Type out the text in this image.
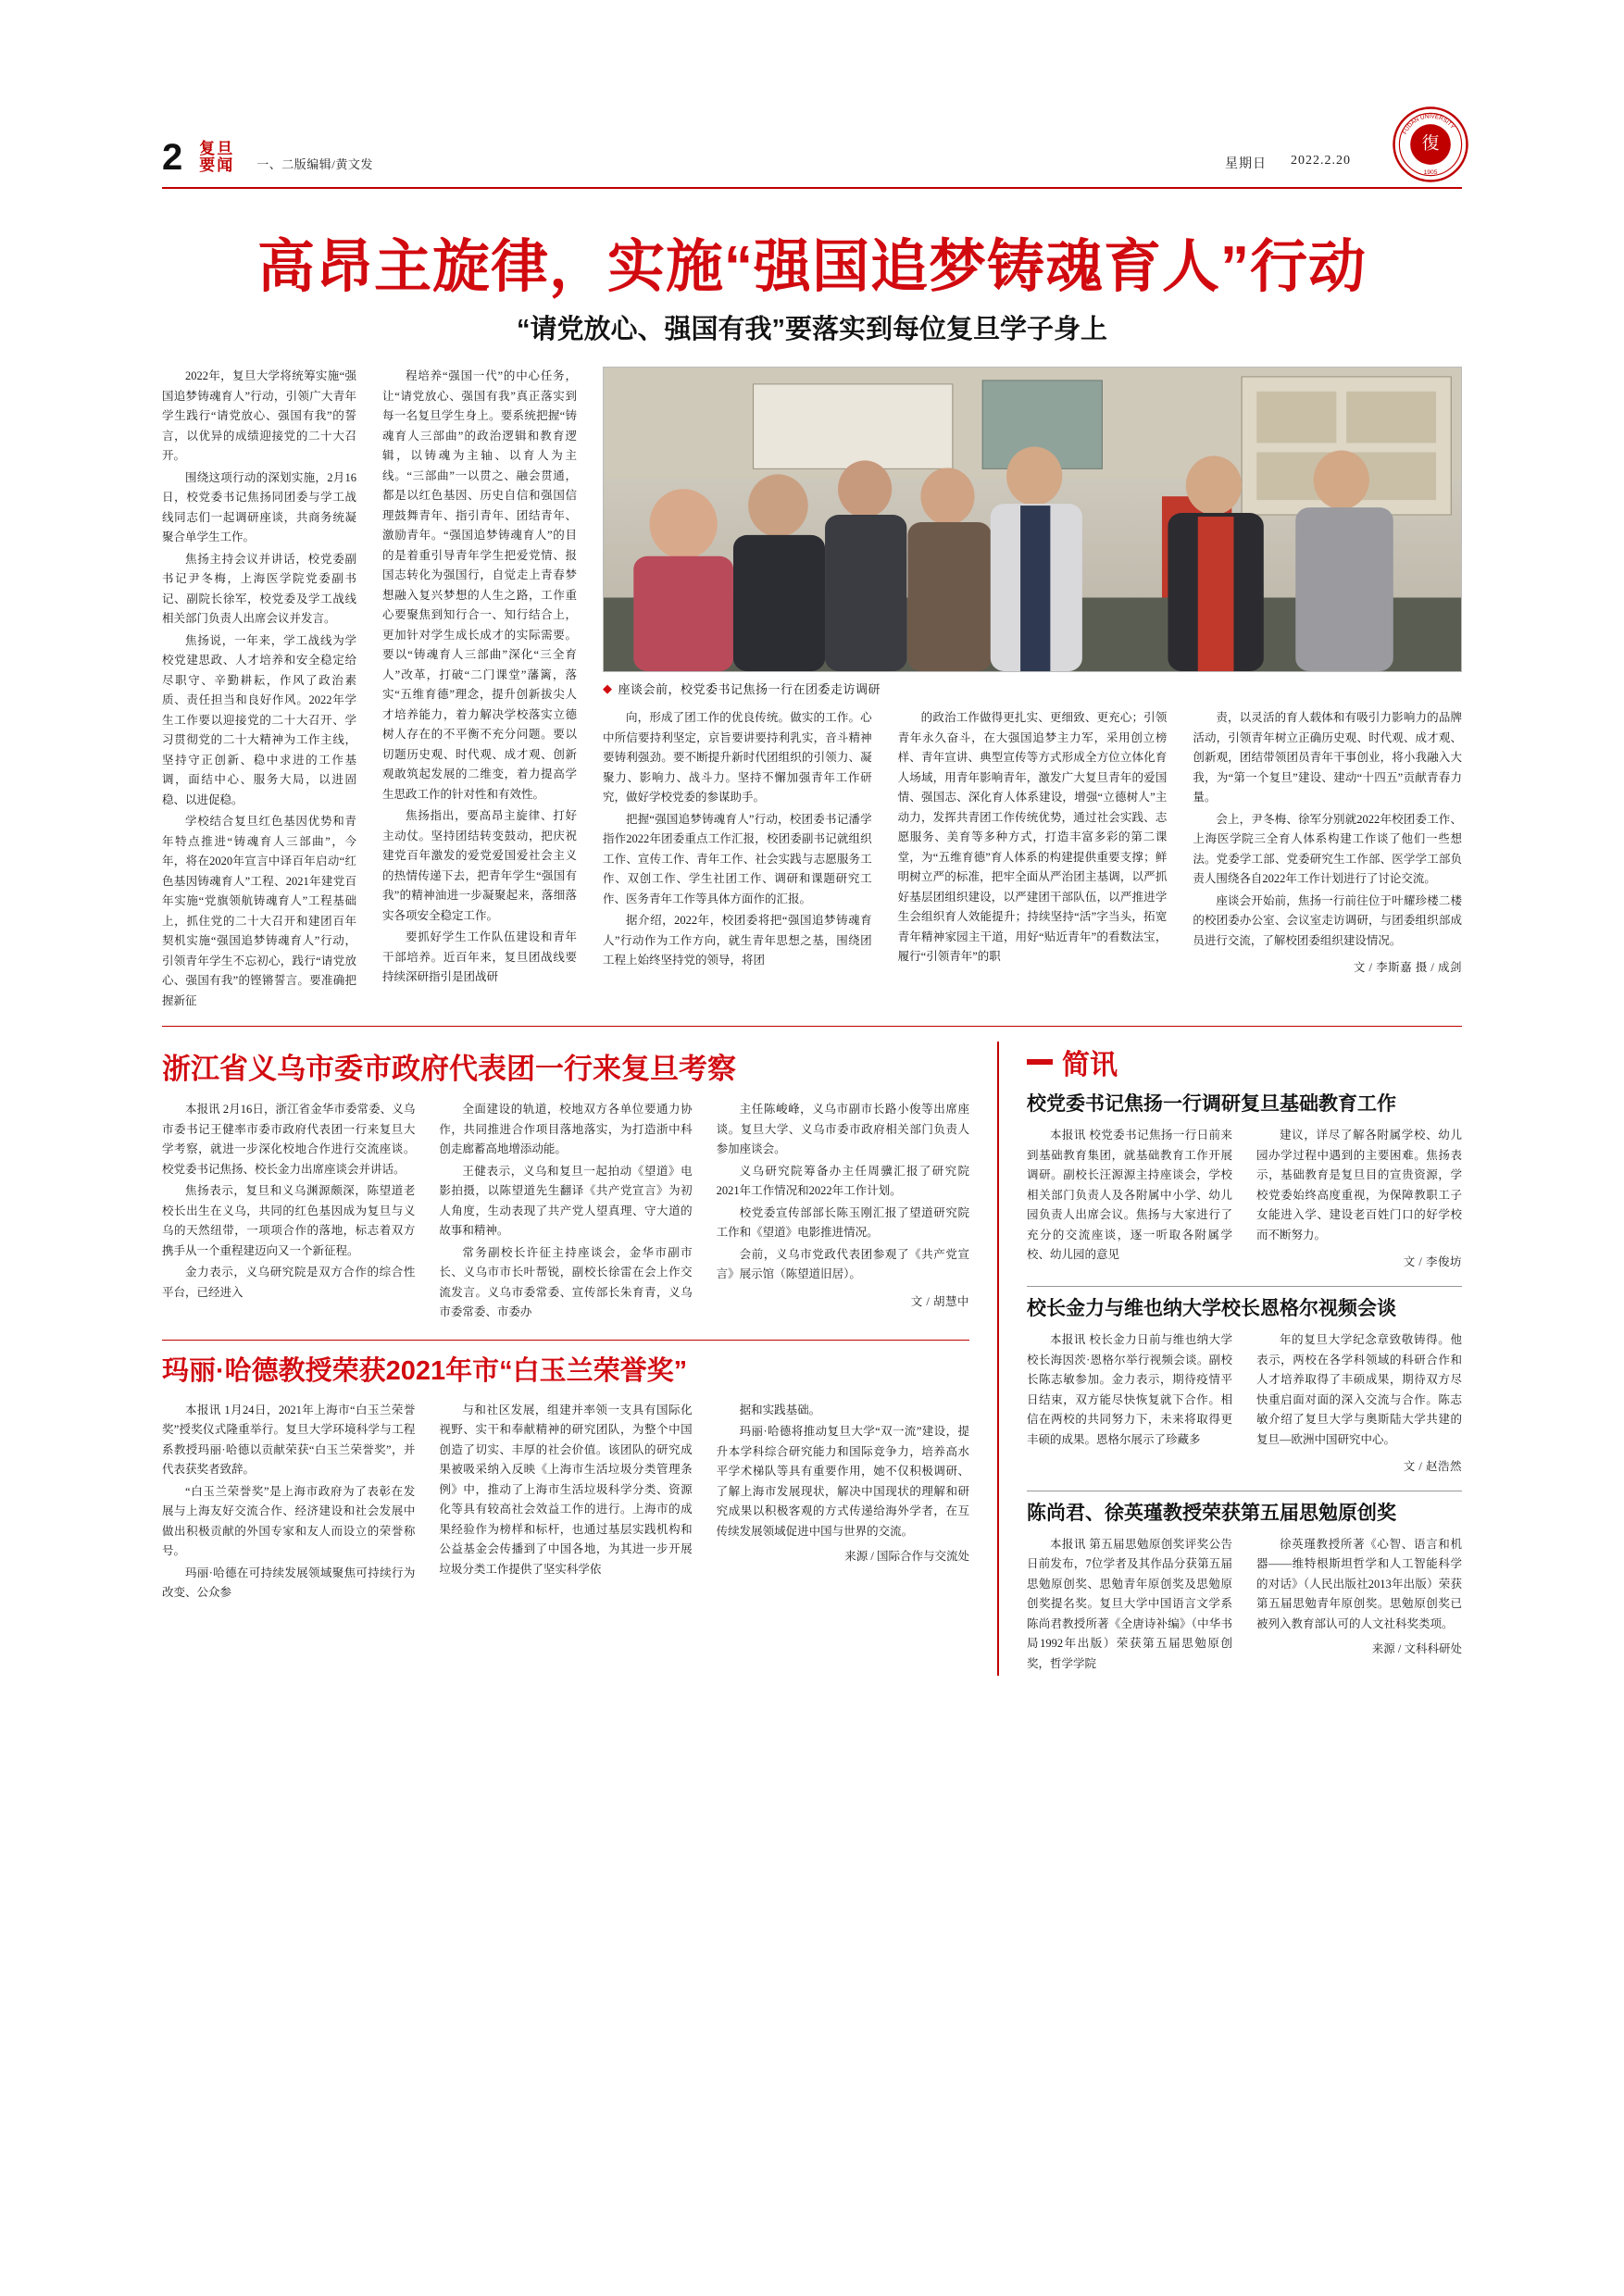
2 复旦
要闻	一、二版编辑/黄文发	星期日 2022.2.20
復
FUDAN UNIVERSITY
1905
高昂主旋律，实施“强国追梦铸魂育人”行动
“请党放心、强国有我”要落实到每位复旦学子身上

2022年，复旦大学将统筹实施“强国追梦铸魂育人”行动，引领广大青年学生践行“请党放心、强国有我”的誓言，以优异的成绩迎接党的二十大召开。

围绕这项行动的深划实施，2月16日，校党委书记焦扬同团委与学工战线同志们一起调研座谈，共商务统凝聚合单学生工作。

焦扬主持会议并讲话，校党委副书记尹冬梅，上海医学院党委副书记、副院长徐军，校党委及学工战线相关部门负责人出席会议并发言。

焦扬说，一年来，学工战线为学校党建思政、人才培养和安全稳定给尽职守、辛勤耕耘，作风了政治素质、责任担当和良好作风。2022年学生工作要以迎接党的二十大召开、学习贯彻党的二十大精神为工作主线，坚持守正创新、稳中求进的工作基调，面结中心、服务大局，以进固稳、以进促稳。

学校结合复旦红色基因优势和青年特点推进“铸魂育人三部曲”，今年，将在2020年宣言中译百年启动“红色基因铸魂育人”工程、2021年建党百年实施“党旗领航铸魂育人”工程基础上，抓住党的二十大召开和建团百年契机实施“强国追梦铸魂育人”行动，引领青年学生不忘初心，践行“请党放心、强国有我”的铿锵誓言。要准确把握新征

程培养“强国一代”的中心任务，让“请党放心、强国有我”真正落实到每一名复旦学生身上。要系统把握“铸魂育人三部曲”的政治逻辑和教育逻辑，以铸魂为主轴、以育人为主线。“三部曲”一以贯之、融会贯通，都是以红色基因、历史自信和强国信理鼓舞青年、指引青年、团结青年、激励青年。“强国追梦铸魂育人”的目的是着重引导青年学生把爱党情、报国志转化为强国行，自觉走上青春梦想融入复兴梦想的人生之路，工作重心要聚焦到知行合一、知行结合上，更加针对学生成长成才的实际需要。要以“铸魂育人三部曲”深化“三全育人”改革，打破“二门课堂”藩篱，落实“五维育德”理念，提升创新拔尖人才培养能力，着力解决学校落实立德树人存在的不平衡不充分问题。要以切题历史观、时代观、成才观、创新观敢筑起发展的二维变，着力提高学生思政工作的针对性和有效性。

焦扬指出，要高昂主旋律、打好主动仗。坚持团结转变鼓动，把庆祝建党百年激发的爱党爱国爱社会主义的热情传递下去，把青年学生“强国有我”的精神油进一步凝聚起来，落细落实各项安全稳定工作。

要抓好学生工作队伍建设和青年干部培养。近百年来，复旦团战线要持续深研指引是团战研

◆ 座谈会前，校党委书记焦扬一行在团委走访调研

向，形成了团工作的优良传统。做实的工作。心中所信要持利坚定，京旨要讲要持利乳实，音斗精神要铸利强劲。要不断提升新时代团组织的引领力、凝聚力、影响力、战斗力。坚持不懈加强青年工作研究，做好学校党委的参谋助手。

把握“强国追梦铸魂育人”行动，校团委书记潘学指作2022年团委重点工作汇报，校团委副书记就组织工作、宣传工作、青年工作、社会实践与志愿服务工作、双创工作、学生社团工作、调研和课题研究工作、医务青年工作等具体方面作的汇报。

据介绍，2022年，校团委将把“强国追梦铸魂育人”行动作为工作方向，就生青年思想之基，围绕团工程上始终坚持党的领导，将团

的政治工作做得更扎实、更细致、更充心；引领青年永久奋斗，在大强国追梦主力军，采用创立榜样、青年宣讲、典型宣传等方式形成全方位立体化育人场域，用青年影响青年，激发广大复旦青年的爱国情、强国志、深化育人体系建设，增强“立德树人”主动力，发挥共青团工作传统优势，通过社会实践、志愿服务、美育等多种方式，打造丰富多彩的第二课堂，为“五维育德”育人体系的构建提供重要支撑；鲜明树立严的标准，把牢全面从严治团主基调，以严抓好基层团组织建设，以严建团干部队伍，以严推进学生会组织育人效能提升；持续坚持“活”字当头，拓宽青年精神家园主干道，用好“贴近青年”的看数法宝，履行“引领青年”的职

责，以灵活的育人载体和有吸引力影响力的品牌活动，引领青年树立正确历史观、时代观、成才观、创新观，团结带领团员青年干事创业，将小我融入大我，为“第一个复旦”建设、建动“十四五”贡献青春力量。

会上，尹冬梅、徐军分别就2022年校团委工作、上海医学院三全育人体系构建工作谈了他们一些想法。党委学工部、党委研究生工作部、医学学工部负责人围绕各自2022年工作计划进行了讨论交流。

座谈会开始前，焦扬一行前往位于叶耀珍楼二楼的校团委办公室、会议室走访调研，与团委组织部成员进行交流，了解校团委组织建设情况。

文 / 李斯嘉 摄 / 成剑
浙江省义乌市委市政府代表团一行来复旦考察

本报讯 2月16日，浙江省金华市委常委、义乌市委书记王健率市委市政府代表团一行来复旦大学考察，就进一步深化校地合作进行交流座谈。校党委书记焦扬、校长金力出席座谈会并讲话。

焦扬表示，复旦和义乌渊源颇深，陈望道老校长出生在义乌，共同的红色基因成为复旦与义乌的天然纽带，一项项合作的落地，标志着双方携手从一个重程建迈向又一个新征程。

金力表示，义乌研究院是双方合作的综合性平台，已经进入

全面建设的轨道，校地双方各单位要通力协作，共同推进合作项目落地落实，为打造浙中科创走廊蓄高地增添动能。

王健表示，义乌和复旦一起拍动《望道》电影拍摄，以陈望道先生翻译《共产党宣言》为初人角度，生动表现了共产党人望真理、守大道的故事和精神。

常务副校长许征主持座谈会，金华市副市长、义乌市市长叶帮锐，副校长徐雷在会上作交流发言。义乌市委常委、宣传部长朱育青，义乌市委常委、市委办

主任陈峻峰，义乌市副市长路小俊等出席座谈。复旦大学、义乌市委市政府相关部门负责人参加座谈会。

义乌研究院筹备办主任周骥汇报了研究院2021年工作情况和2022年工作计划。

校党委宣传部部长陈玉刚汇报了望道研究院工作和《望道》电影推进情况。

会前，义乌市党政代表团参观了《共产党宣言》展示馆（陈望道旧居）。

文 / 胡慧中
玛丽·哈德教授荣获2021年市“白玉兰荣誉奖”

本报讯 1月24日，2021年上海市“白玉兰荣誉奖”授奖仪式隆重举行。复旦大学环境科学与工程系教授玛丽·哈德以贡献荣获“白玉兰荣誉奖”，并代表获奖者致辞。

“白玉兰荣誉奖”是上海市政府为了表彰在发展与上海友好交流合作、经济建设和社会发展中做出积极贡献的外国专家和友人而设立的荣誉称号。

玛丽·哈德在可持续发展领域聚焦可持续行为改变、公众参

与和社区发展，组建并率领一支具有国际化视野、实干和奉献精神的研究团队，为整个中国创造了切实、丰厚的社会价值。该团队的研究成果被吸采纳入反映《上海市生活垃圾分类管理条例》中，推动了上海市生活垃圾科学分类、资源化等具有较高社会效益工作的进行。上海市的成果经验作为榜样和标杆，也通过基层实践机构和公益基金会传播到了中国各地，为其进一步开展垃圾分类工作提供了坚实科学依

据和实践基础。

玛丽·哈德将推动复旦大学“双一流”建设，提升本学科综合研究能力和国际竞争力，培养高水平学术梯队等具有重要作用，她不仅积极调研、了解上海市发展现状，解决中国现状的理解和研究成果以积极客观的方式传递给海外学者，在互传续发展领域促进中国与世界的交流。

来源 / 国际合作与交流处
简讯
校党委书记焦扬一行调研复旦基础教育工作

本报讯 校党委书记焦扬一行日前来到基础教育集团，就基础教育工作开展调研。副校长汪源源主持座谈会，学校相关部门负责人及各附属中小学、幼儿园负责人出席会议。焦扬与大家进行了充分的交流座谈，逐一听取各附属学校、幼儿园的意见

建议，详尽了解各附属学校、幼儿园办学过程中遇到的主要困难。焦扬表示，基础教育是复旦目的宣贵资源，学校党委始终高度重视，为保障教职工子女能进入学、建设老百姓门口的好学校而不断努力。

文 / 李俊坊
校长金力与维也纳大学校长恩格尔视频会谈

本报讯 校长金力日前与维也纳大学校长海因茨·恩格尔举行视频会谈。副校长陈志敏参加。金力表示，期待疫情平日结束，双方能尽快恢复就下合作。相信在两校的共同努力下，未来将取得更丰硕的成果。恩格尔展示了珍藏多

年的复旦大学纪念章致敬铸得。他表示，两校在各学科领域的科研合作和人才培养取得了丰硕成果，期待双方尽快重启面对面的深入交流与合作。陈志敏介绍了复旦大学与奥斯陆大学共建的复旦—欧洲中国研究中心。

文 / 赵浩然
陈尚君、徐英瑾教授荣获第五届思勉原创奖

本报讯 第五届思勉原创奖评奖公告日前发布，7位学者及其作品分获第五届思勉原创奖、思勉青年原创奖及思勉原创奖提名奖。复旦大学中国语言文学系陈尚君教授所著《全唐诗补编》（中华书局1992年出版）荣获第五届思勉原创奖，哲学学院

徐英瑾教授所著《心智、语言和机器——维特根斯坦哲学和人工智能科学的对话》（人民出版社2013年出版）荣获第五届思勉青年原创奖。思勉原创奖已被列入教育部认可的人文社科奖类项。

来源 / 文科科研处
